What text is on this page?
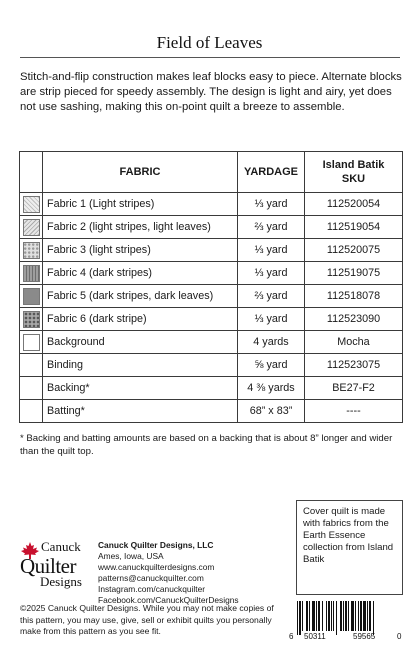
Field of Leaves

Stitch-and-flip construction makes leaf blocks easy to piece. Alternate blocks are strip pieced for speedy assembly. The design is light and airy, yet does not use sashing, making this on-point quilt a breeze to assemble.

	FABRIC	YARDAGE	Island Batik
SKU

	Fabric 1 (Light stripes)	⅓ yard	112520054

	Fabric 2 (light stripes, light leaves)	⅔ yard	112519054

	Fabric 3 (light stripes)	⅓ yard	112520075

	Fabric 4 (dark stripes)	⅓ yard	112519075

	Fabric 5 (dark stripes, dark leaves)	⅔ yard	112518078

	Fabric 6 (dark stripe)	⅓ yard	112523090

	Background	4 yards	Mocha
	Binding	⅝ yard	112523075
	Backing*	4 ⅜ yards	BE27-F2
	Batting*	68” x 83”	----

* Backing and batting amounts are based on a backing that is about 8” longer and wider than the quilt top.

Cover quilt is made with fabrics from the Earth Essence collection from Island Batik
Canuck
Quilter
Designs
Canuck Quilter Designs, LLC
Ames, Iowa, USA
www.canuckquilterdesigns.com
patterns@canuckquilter.com
Instagram.com/canuckquilter
Facebook.com/CanuckQuilterDesigns

©2025 Canuck Quilter Designs. While you may not make copies of this pattern, you may use, give, sell or exhibit quilts you personally make from this pattern as you see fit.

6 50311	59565	0
